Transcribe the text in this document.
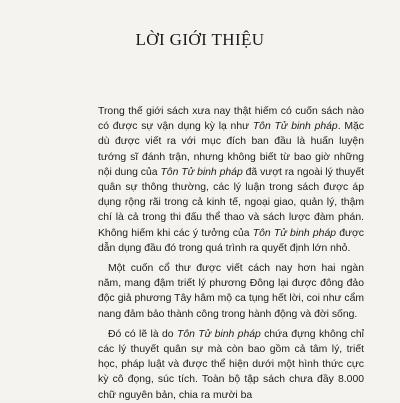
LỜI GIỚI THIỆU

Trong thế giới sách xưa nay thật hiếm có cuốn sách nào có được sự vận dụng kỳ lạ như Tôn Tử binh pháp. Mặc dù được viết ra với mục đích ban đầu là huấn luyện tướng sĩ đánh trận, nhưng không biết từ bao giờ những nội dung của Tôn Tử binh pháp đã vượt ra ngoài lý thuyết quân sự thông thường, các lý luận trong sách được áp dụng rộng rãi trong cả kinh tế, ngoại giao, quản lý, thậm chí là cả trong thi đấu thể thao và sách lược đàm phán. Không hiếm khi các ý tưởng của Tôn Tử binh pháp được dẫn dụng đầu đó trong quá trình ra quyết định lớn nhỏ.

Một cuốn cổ thư được viết cách nay hơn hai ngàn năm, mang đậm triết lý phương Đông lại được đông đảo độc giả phương Tây hâm mộ ca tụng hết lời, coi như cẩm nang đảm bảo thành công trong hành động và đời sống.

Đó có lẽ là do Tôn Tử binh pháp chứa đựng không chỉ các lý thuyết quân sự mà còn bao gồm cả tâm lý, triết học, pháp luật và được thể hiện dưới một hình thức cực kỳ cô đọng, súc tích. Toàn bộ tập sách chưa đầy 8.000 chữ nguyên bản, chia ra mười ba
